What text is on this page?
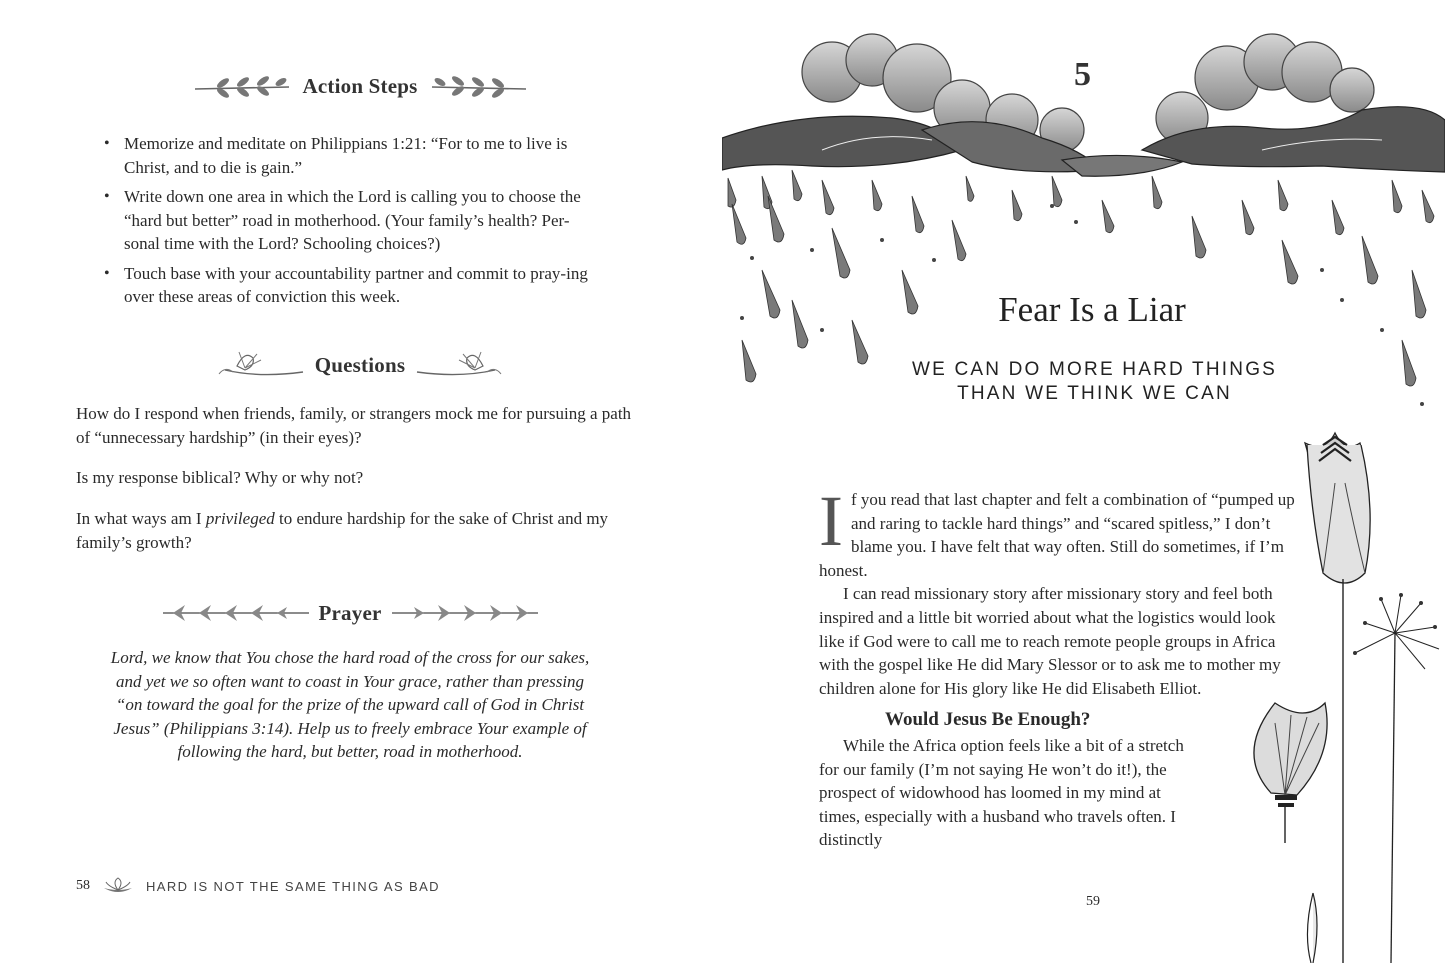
Action Steps
• Memorize and meditate on Philippians 1:21: “For to me to live is Christ, and to die is gain.”
• Write down one area in which the Lord is calling you to choose the “hard but better” road in motherhood. (Your family’s health? Per-sonal time with the Lord? Schooling choices?)
• Touch base with your accountability partner and commit to pray-ing over these areas of conviction this week.
Questions

How do I respond when friends, family, or strangers mock me for pursuing a path of “unnecessary hardship” (in their eyes)?

Is my response biblical? Why or why not?

In what ways am I privileged to endure hardship for the sake of Christ and my family’s growth?

Prayer
Lord, we know that You chose the hard road of the cross for our sakes, and yet we so often want to coast in Your grace, rather than pressing “on toward the goal for the prize of the upward call of God in Christ Jesus” (Philippians 3:14). Help us to freely embrace Your example of following the hard, but better, road in motherhood.
58	HARD IS NOT THE SAME THING AS BAD
5
Fear Is a Liar
WE CAN DO MORE HARD THINGS
THAN WE THINK WE CAN

If you read that last chapter and felt a combination of “pumped up and raring to tackle hard things” and “scared spitless,” I don’t blame you. I have felt that way often. Still do sometimes, if I’m honest.

I can read missionary story after missionary story and feel both inspired and a little bit worried about what the logistics would look like if God were to call me to reach remote people groups in Africa with the gospel like He did Mary Slessor or to ask me to mother my children alone for His glory like He did Elisabeth Elliot.

Would Jesus Be Enough?

While the Africa option feels like a bit of a stretch for our family (I’m not saying He won’t do it!), the prospect of widowhood has loomed in my mind at times, especially with a husband who travels often. I distinctly

59
